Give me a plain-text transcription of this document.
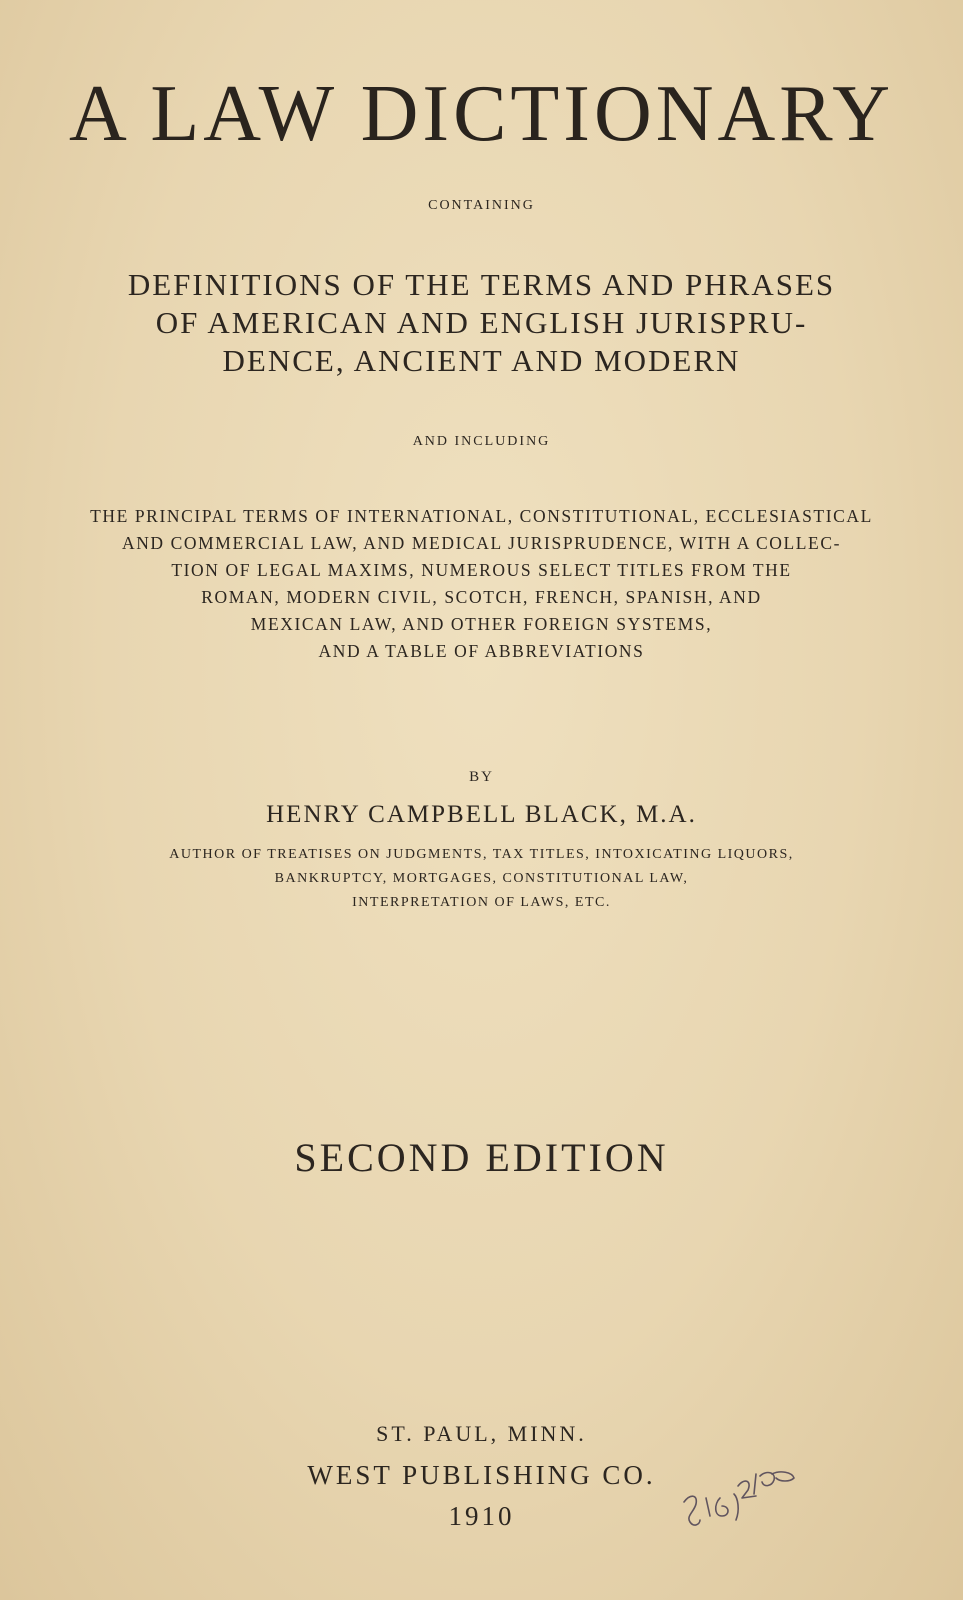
A LAW DICTIONARY
CONTAINING
DEFINITIONS OF THE TERMS AND PHRASES
OF AMERICAN AND ENGLISH JURISPRU-
DENCE, ANCIENT AND MODERN
AND INCLUDING
THE PRINCIPAL TERMS OF INTERNATIONAL, CONSTITUTIONAL, ECCLESIASTICAL
AND COMMERCIAL LAW, AND MEDICAL JURISPRUDENCE, WITH A COLLEC-
TION OF LEGAL MAXIMS, NUMEROUS SELECT TITLES FROM THE
ROMAN, MODERN CIVIL, SCOTCH, FRENCH, SPANISH, AND
MEXICAN LAW, AND OTHER FOREIGN SYSTEMS,
AND A TABLE OF ABBREVIATIONS
BY
HENRY CAMPBELL BLACK, M.A.
AUTHOR OF TREATISES ON JUDGMENTS, TAX TITLES, INTOXICATING LIQUORS,
BANKRUPTCY, MORTGAGES, CONSTITUTIONAL LAW,
INTERPRETATION OF LAWS, ETC.
SECOND EDITION
ST. PAUL, MINN.
WEST PUBLISHING CO.
1910
